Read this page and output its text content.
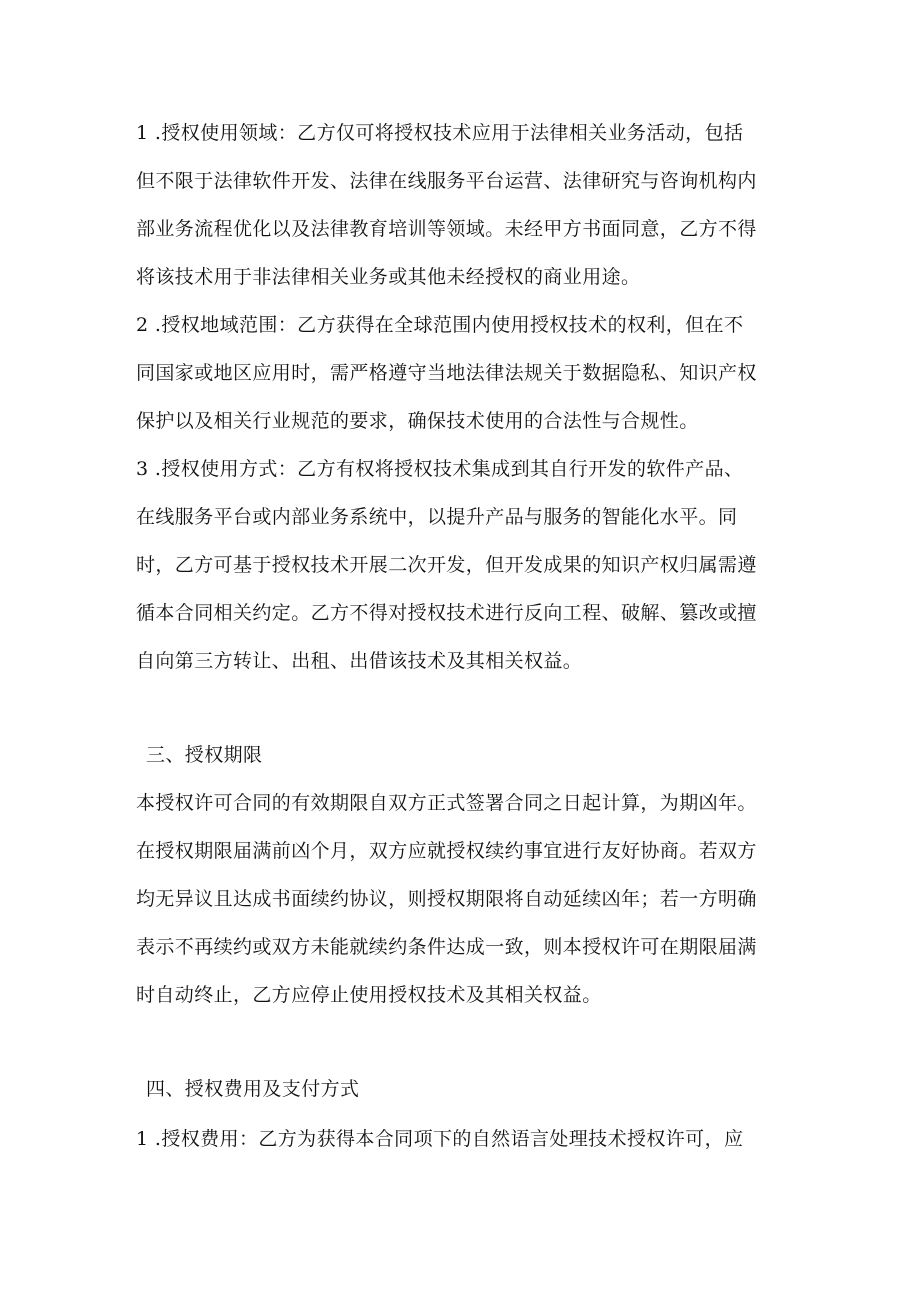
1 .授权使用领域：乙方仅可将授权技术应用于法律相关业务活动，包括
但不限于法律软件开发、法律在线服务平台运营、法律研究与咨询机构内
部业务流程优化以及法律教育培训等领域。未经甲方书面同意，乙方不得
将该技术用于非法律相关业务或其他未经授权的商业用途。
2 .授权地域范围：乙方获得在全球范围内使用授权技术的权利，但在不
同国家或地区应用时，需严格遵守当地法律法规关于数据隐私、知识产权
保护以及相关行业规范的要求，确保技术使用的合法性与合规性。
3 .授权使用方式：乙方有权将授权技术集成到其自行开发的软件产品、
在线服务平台或内部业务系统中，以提升产品与服务的智能化水平。同
时，乙方可基于授权技术开展二次开发，但开发成果的知识产权归属需遵
循本合同相关约定。乙方不得对授权技术进行反向工程、破解、篡改或擅
自向第三方转让、出租、出借该技术及其相关权益。
三、授权期限
本授权许可合同的有效期限自双方正式签署合同之日起计算，为期凶年。
在授权期限届满前凶个月，双方应就授权续约事宜进行友好协商。若双方
均无异议且达成书面续约协议，则授权期限将自动延续凶年；若一方明确
表示不再续约或双方未能就续约条件达成一致，则本授权许可在期限届满
时自动终止，乙方应停止使用授权技术及其相关权益。
四、授权费用及支付方式
1 .授权费用：乙方为获得本合同项下的自然语言处理技术授权许可，应
